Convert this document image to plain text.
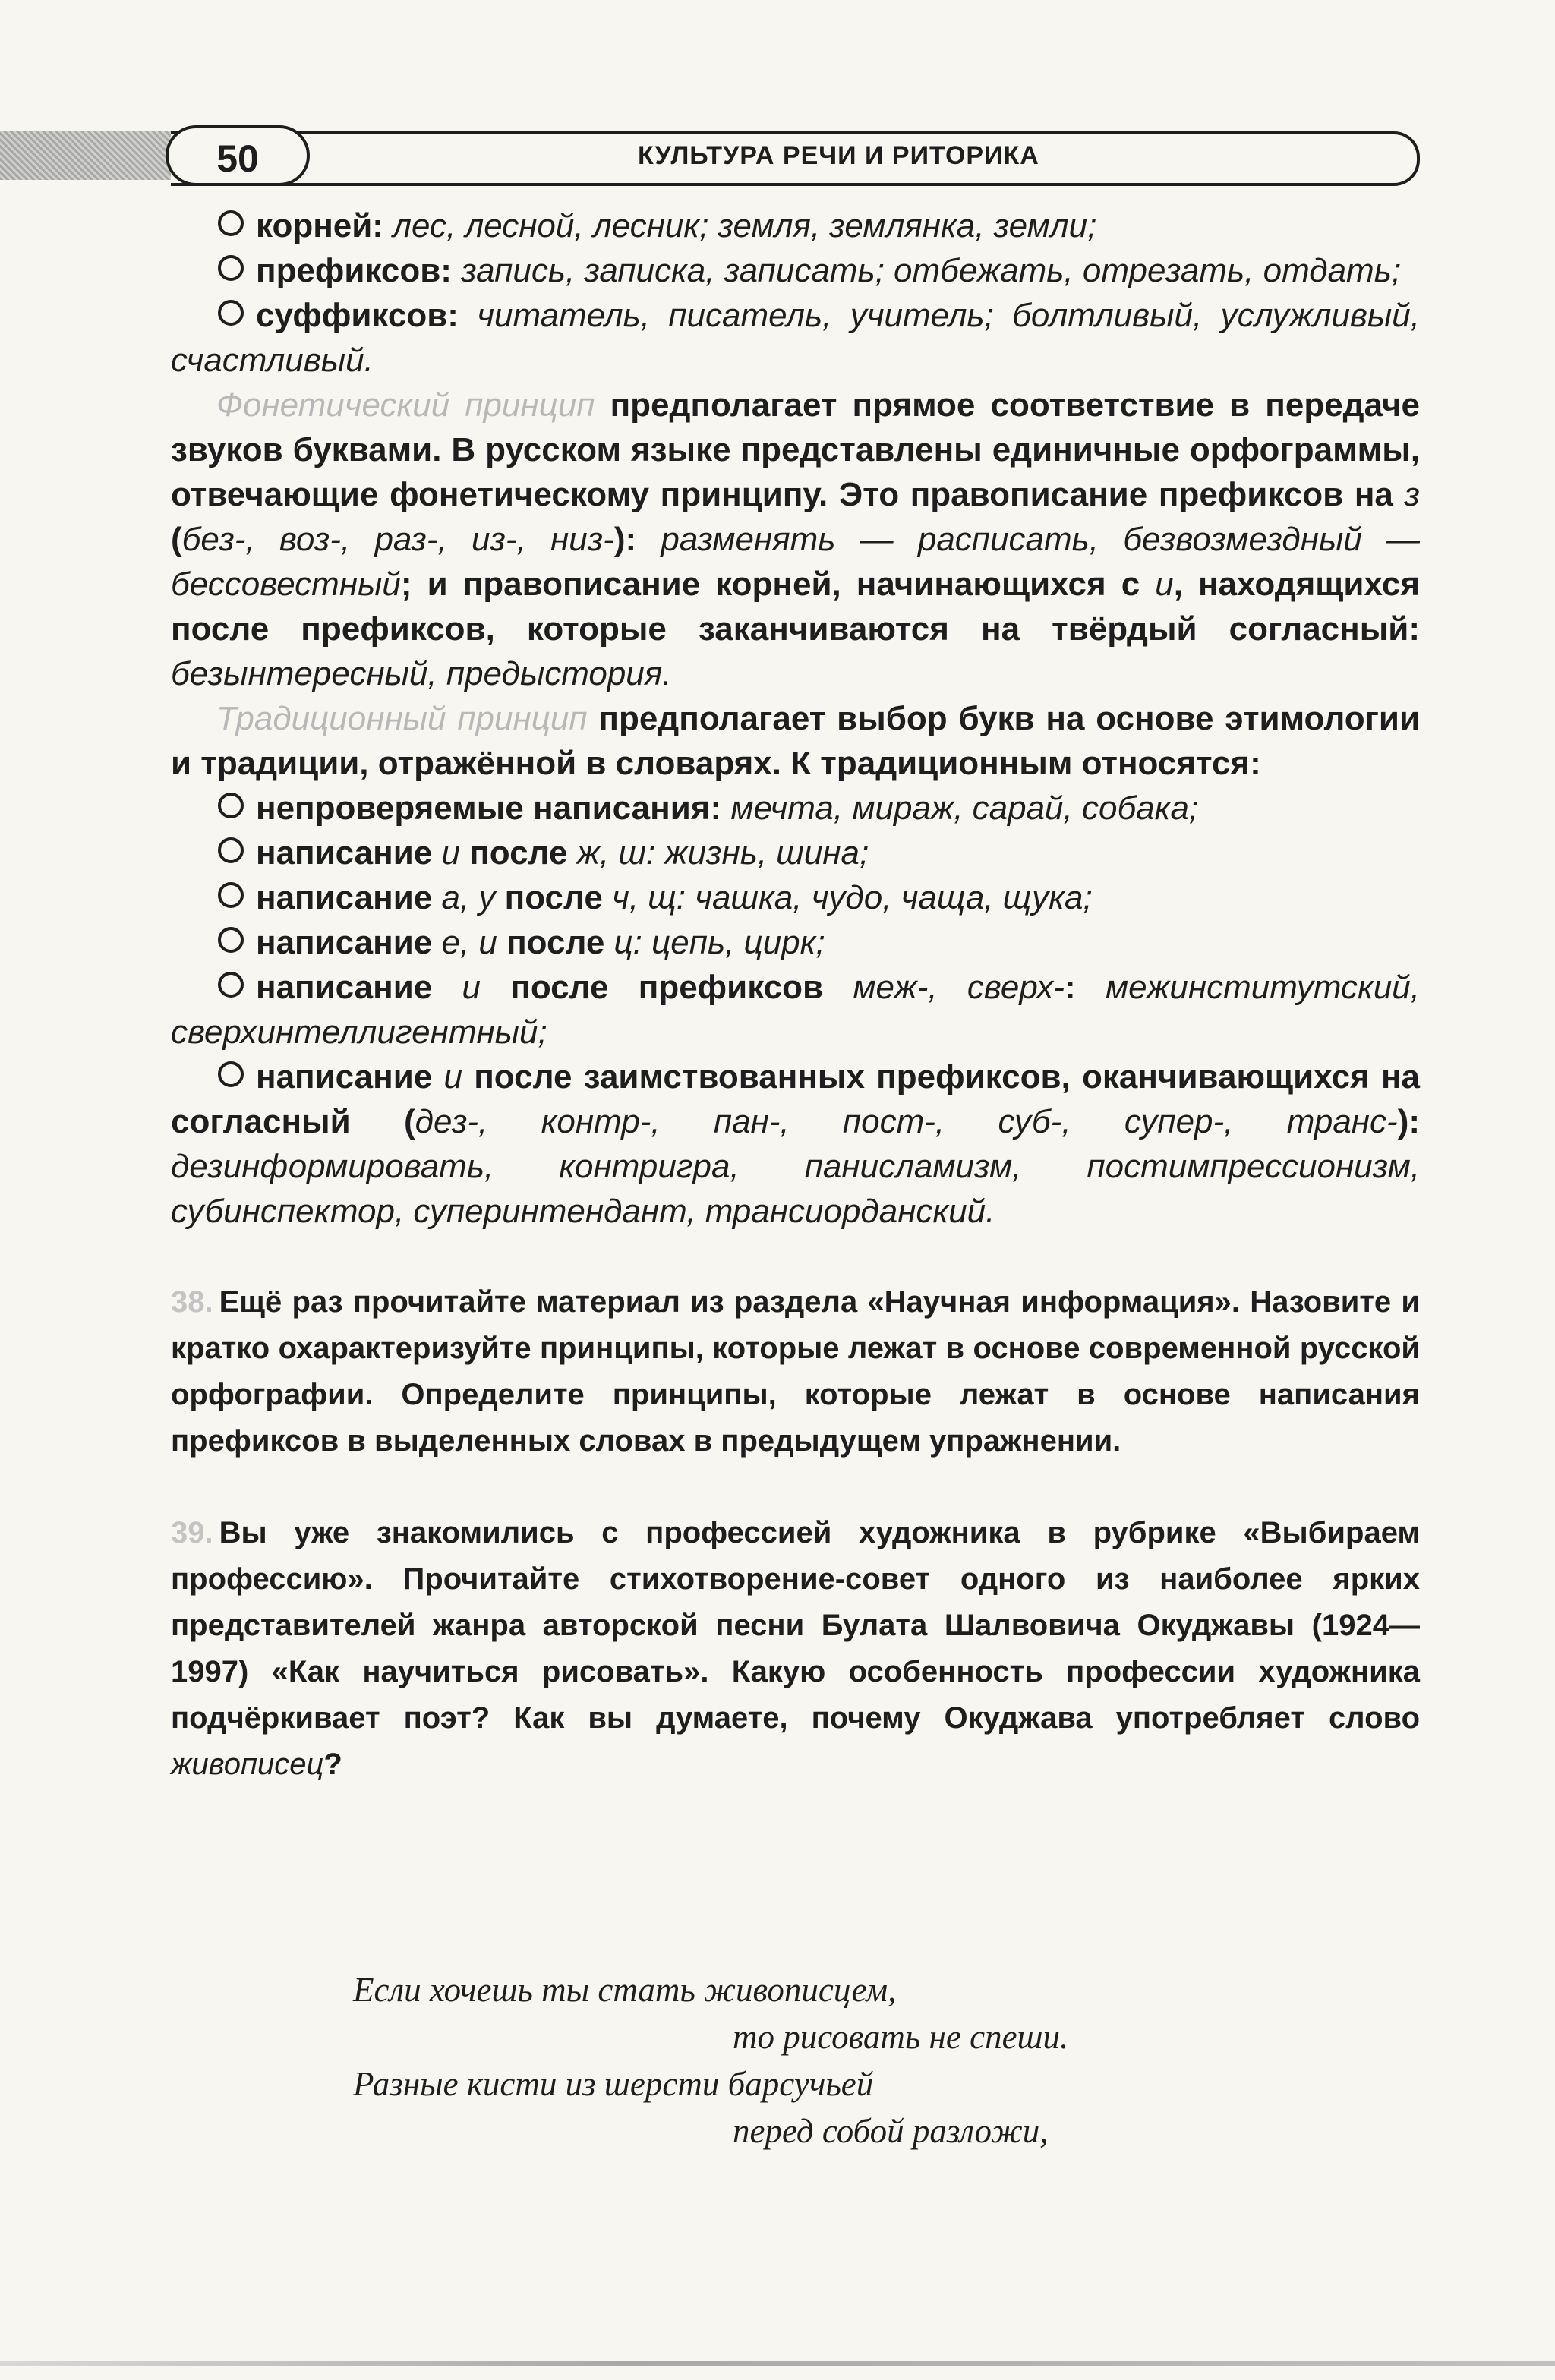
50	КУЛЬТУРА РЕЧИ И РИТОРИКА

корней: лес, лесной, лесник; земля, землянка, земли;

префиксов: запись, записка, записать; отбежать, отрезать, отдать;

суффиксов: читатель, писатель, учитель; болтливый, услужливый, счастливый.

Фонетический принцип предполагает прямое соответствие в передаче звуков буквами. В русском языке представлены единичные орфограммы, отвечающие фонетическому принципу. Это правописание префиксов на з (без-, воз-, раз-, из-, низ-): разменять — расписать, безвозмездный — бессовестный; и правописание корней, начинающихся с и, находящихся после префиксов, которые заканчиваются на твёрдый согласный: безынтересный, предыстория.

Традиционный принцип предполагает выбор букв на основе этимологии и традиции, отражённой в словарях. К традиционным относятся:

непроверяемые написания: мечта, мираж, сарай, собака;

написание и после ж, ш: жизнь, шина;

написание а, у после ч, щ: чашка, чудо, чаща, щука;

написание е, и после ц: цепь, цирк;

написание и после префиксов меж-, сверх-: межинститутский, сверхинтеллигентный;

написание и после заимствованных префиксов, оканчивающихся на согласный (дез-, контр-, пан-, пост-, суб-, супер-, транс-): дезинформировать, контригра, панисламизм, постимпрессионизм, субинспектор, суперинтендант, трансиорданский.

38. Ещё раз прочитайте материал из раздела «Научная информация». Назовите и кратко охарактеризуйте принципы, которые лежат в основе современной русской орфографии. Определите принципы, которые лежат в основе написания префиксов в выделенных словах в предыдущем упражнении.

39. Вы уже знакомились с профессией художника в рубрике «Выбираем профессию». Прочитайте стихотворение-совет одного из наиболее ярких представителей жанра авторской песни Булата Шалвовича Окуджавы (1924—1997) «Как научиться рисовать». Какую особенность профессии художника подчёркивает поэт? Как вы думаете, почему Окуджава употребляет слово живописец?

Если хочешь ты стать живописцем,
то рисовать не спеши.
Разные кисти из шерсти барсучьей
перед собой разложи,
